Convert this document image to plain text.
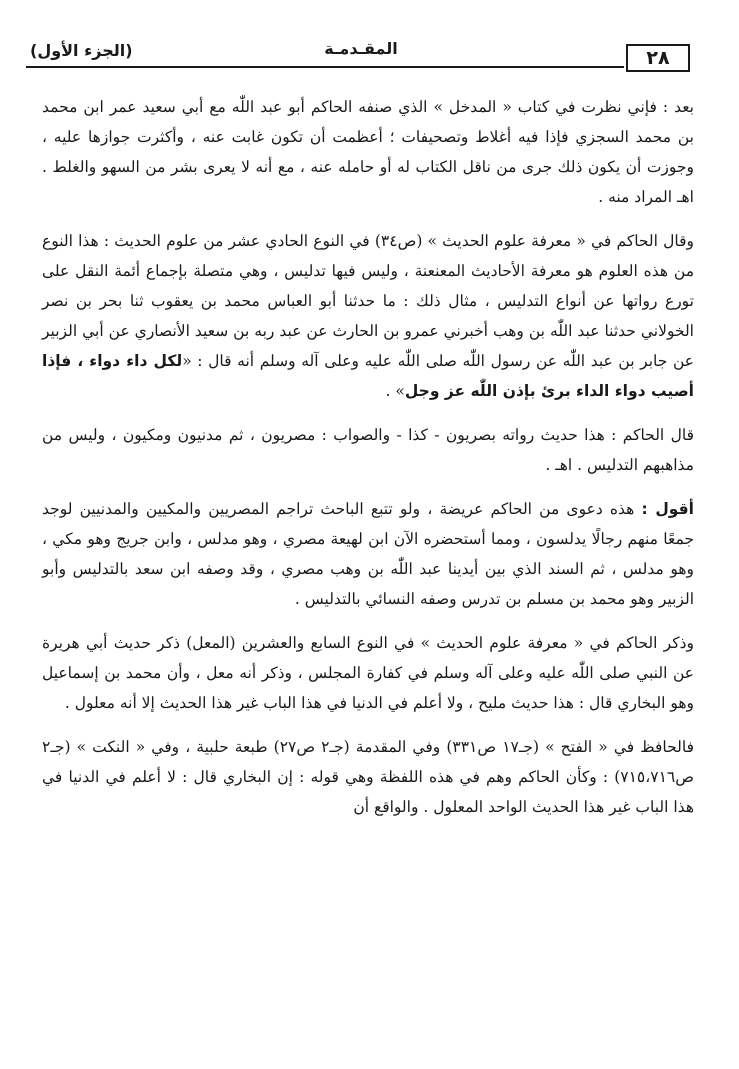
٢٨
المقـدمـة
(الجزء الأول)

بعد : فإني نظرت في كتاب « المدخل » الذي صنفه الحاكم أبو عبد اللّٰه مع أبي سعيد عمر ابن محمد بن محمد السجزي فإذا فيه أغلاط وتصحيفات ؛ أعظمت أن تكون غابت عنه ، وأكثرت جوازها عليه ، وجوزت أن يكون ذلك جرى من ناقل الكتاب له أو حامله عنه ، مع أنه لا يعرى بشر من السهو والغلط . اهـ المراد منه .

وقال الحاكم في « معرفة علوم الحديث » (ص٣٤) في النوع الحادي عشر من علوم الحديث : هذا النوع من هذه العلوم هو معرفة الأحاديث المعنعنة ، وليس فيها تدليس ، وهي متصلة بإجماع أئمة النقل على تورع رواتها عن أنواع التدليس ، مثال ذلك : ما حدثنا أبو العباس محمد بن يعقوب ثنا بحر بن نصر الخولاني حدثنا عبد اللّٰه بن وهب أخبرني عمرو بن الحارث عن عبد ربه بن سعيد الأنصاري عن أبي الزبير عن جابر بن عبد اللّٰه عن رسول اللّٰه صلى اللّٰه عليه وعلى آله وسلم أنه قال : «لكل داء دواء ، فإذا أصيب دواء الداء برئ بإذن اللّٰه عز وجل» .

قال الحاكم : هذا حديث رواته بصريون - كذا - والصواب : مصريون ، ثم مدنيون ومكيون ، وليس من مذاهبهم التدليس . اهـ .

أقول : هذه دعوى من الحاكم عريضة ، ولو تتبع الباحث تراجم المصريين والمكيين والمدنيين لوجد جمعًا منهم رجالًا يدلسون ، ومما أستحضره الآن ابن لهيعة مصري ، وهو مدلس ، وابن جريج وهو مكي ، وهو مدلس ، ثم السند الذي بين أيدينا عبد اللّٰه بن وهب مصري ، وقد وصفه ابن سعد بالتدليس وأبو الزبير وهو محمد بن مسلم بن تدرس وصفه النسائي بالتدليس .

وذكر الحاكم في « معرفة علوم الحديث » في النوع السابع والعشرين (المعل) ذكر حديث أبي هريرة عن النبي صلى اللّٰه عليه وعلى آله وسلم في كفارة المجلس ، وذكر أنه معل ، وأن محمد بن إسماعيل وهو البخاري قال : هذا حديث مليح ، ولا أعلم في الدنيا في هذا الباب غير هذا الحديث إلا أنه معلول .

فالحافظ في « الفتح » (جـ١٧ ص٣٣١) وفي المقدمة (جـ٢ ص٢٧) طبعة حلبية ، وفي « النكت » (جـ٢ ص٧١٥،٧١٦) : وكأن الحاكم وهم في هذه اللفظة وهي قوله : إن البخاري قال : لا أعلم في الدنيا في هذا الباب غير هذا الحديث الواحد المعلول . والواقع أن
